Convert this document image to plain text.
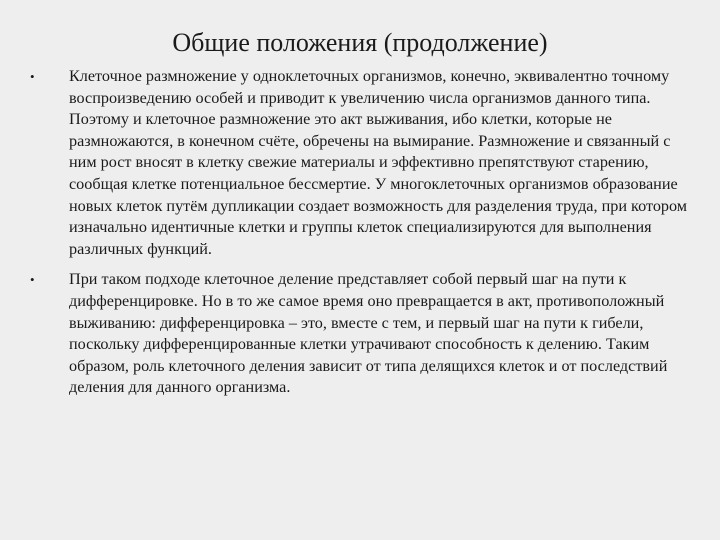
Общие положения (продолжение)
• Клеточное размножение у одноклеточных организмов, конечно, эквивалентно точному воспроизведению особей и приводит к увеличению числа организмов данного типа. Поэтому и клеточное размножение это акт выживания, ибо клетки, которые не размножаются, в конечном счёте, обречены на вымирание. Размножение и связанный с ним рост вносят в клетку свежие материалы и эффективно препятствуют старению, сообщая клетке потенциальное бессмертие. У многоклеточных организмов образование новых клеток путём дупликации создает возможность для разделения труда, при котором изначально идентичные клетки и группы клеток специализируются для выполнения различных функций.
• При таком подходе клеточное деление представляет собой первый шаг на пути к дифференцировке. Но в то же самое время оно превращается в акт, противоположный выживанию: дифференцировка – это, вместе с тем, и первый шаг на пути к гибели, поскольку дифференцированные клетки утрачивают способность к делению. Таким образом, роль клеточного деления зависит от типа делящихся клеток и от последствий деления для данного организма.
